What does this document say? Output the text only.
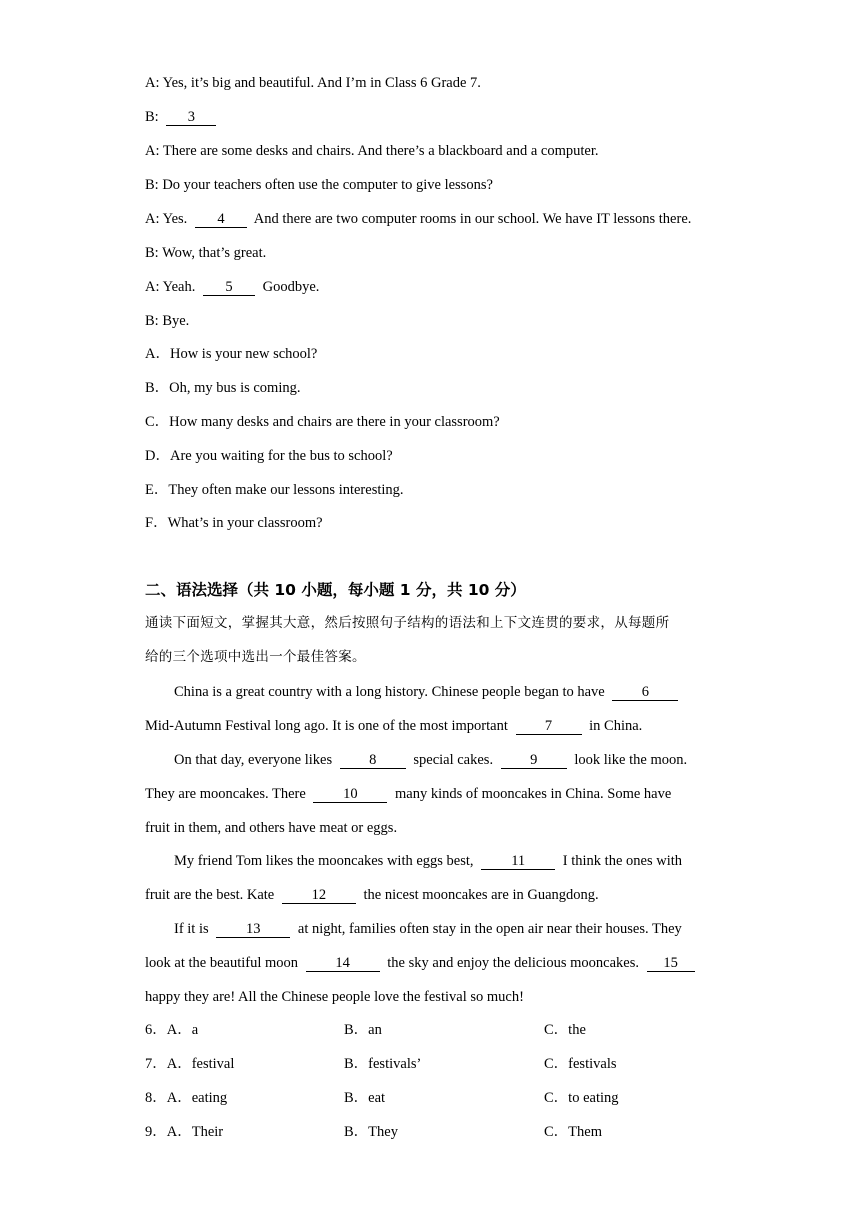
A: Yes, it’s big and beautiful. And I’m in Class 6 Grade 7.
B: 3
A: There are some desks and chairs. And there’s a blackboard and a computer.
B: Do your teachers often use the computer to give lessons?
A: Yes. 4 And there are two computer rooms in our school. We have IT lessons there.
B: Wow, that’s great.
A: Yeah. 5 Goodbye.
B: Bye.
A．How is your new school?
B．Oh, my bus is coming.
C．How many desks and chairs are there in your classroom?
D．Are you waiting for the bus to school?
E．They often make our lessons interesting.
F．What’s in your classroom?
二、语法选择（共 10 小题，每小题 1 分，共 10 分）
通读下面短文，掌握其大意，然后按照句子结构的语法和上下文连贯的要求，从每题所
给的三个选项中选出一个最佳答案。
China is a great country with a long history. Chinese people began to have	6
Mid-Autumn Festival long ago. It is one of the most important	7	in China.
On that day, everyone likes	8	special cakes.	9	look like the moon.
They are mooncakes. There	10	many kinds of mooncakes in China. Some have
fruit in them, and others have meat or eggs.
My friend Tom likes the mooncakes with eggs best,	11	I think the ones with
fruit are the best. Kate	12	the nicest mooncakes are in Guangdong.
If it is	13	at night, families often stay in the open air near their houses. They
look at the beautiful moon	14	the sky and enjoy the delicious mooncakes. 15
happy they are! All the Chinese people love the festival so much!
6．A．a	B．an	C．the
7．A．festival	B．festivals’	C．festivals
8．A．eating	B．eat	C．to eating
9．A．Their	B．They	C．Them
